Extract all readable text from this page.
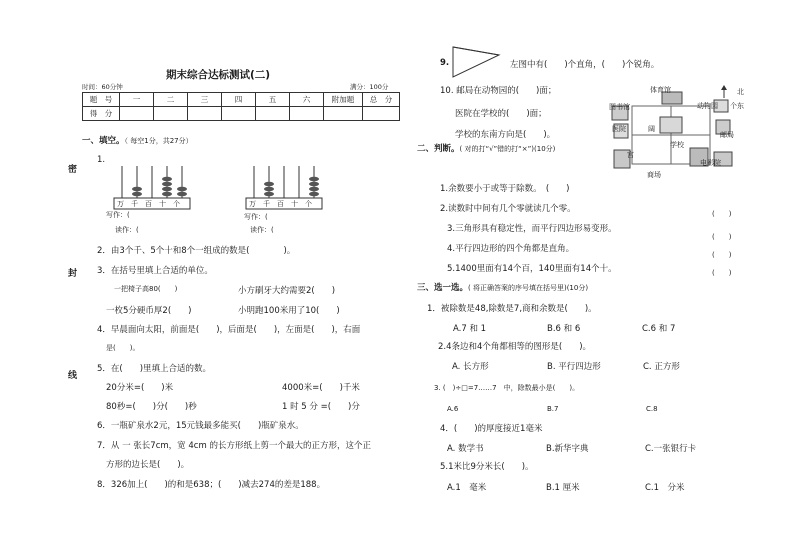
期末综合达标测试(二)
时间：60分钟	满分：100分
题　号	一	二	三	四	五	六	附加题	总　分
得　分								
密
封
线
一、填空。（ 每空1分，共27分）
1.
万千百十个
写作：(
读作：(
万千百十个
写作：(
读作：(
2．由3个千、5个十和8个一组成的数是(　　　　)。
3．在括号里填上合适的单位。
一把椅子高80(　　)	小方刷牙大约需要2(　　)
一枚5分硬币厚2(　　)	小明跑100米用了10(　　)
4．早晨面向太阳，前面是(　　)，后面是(　　)，左面是(　　)，右面
是(　　)。
5．在(　　)里填上合适的数。
20分米=(　　)米	4000米=(　　)千米
80秒=(　　)分(　　)秒	1 时 5 分 =(　　)分
6．一瓶矿泉水2元，15元钱最多能买(　　)瓶矿泉水。
7．从 一 张长7cm，宽 4cm 的长方形纸上剪一个最大的正方形，这个正
方形的边长是(　　)。
8．326加上(　　)的和是638；(　　)减去274的差是188。
9.	左图中有(　　)个直角，(　　)个锐角。
10. 邮局在动物园的(　　)面；
医院在学校的(　　)面；
学校的东南方向是(　　)。
北
体育馆
图书馆	动物园 个东
医院
学校
邮局
电影院
商场
宫
阔
二、判断。( 对的打“√”错的打“×”)(10分)
1.余数要小于或等于除数。　(　　)
2.读数时中间有几个零就读几个零。
3.三角形具有稳定性，而平行四边形易变形。
4.平行四边形的四个角都是直角。
5.1400里面有14个百，140里面有14个十。
(　　)
(　　)
(　　)
(　　)
三、选一选。( 将正确答案的序号填在括号里)(10分)
1．被除数是48,除数是7,商和余数是(　　)。
A.7 和 1	B.6 和 6	C.6 和 7
2.4条边和4个角都相等的图形是(　　)。
A. 长方形	B. 平行四边形	C. 正方形
3. (　)÷□=7……7　中，除数最小是(　　)。
A.6	B.7	C.8
4．(　　)的厚度接近1毫米
A. 数学书	B.新华字典	C.一张银行卡
5.1米比9分米长(　　)。
A.1　毫米	B.1 厘米	C.1　分米
